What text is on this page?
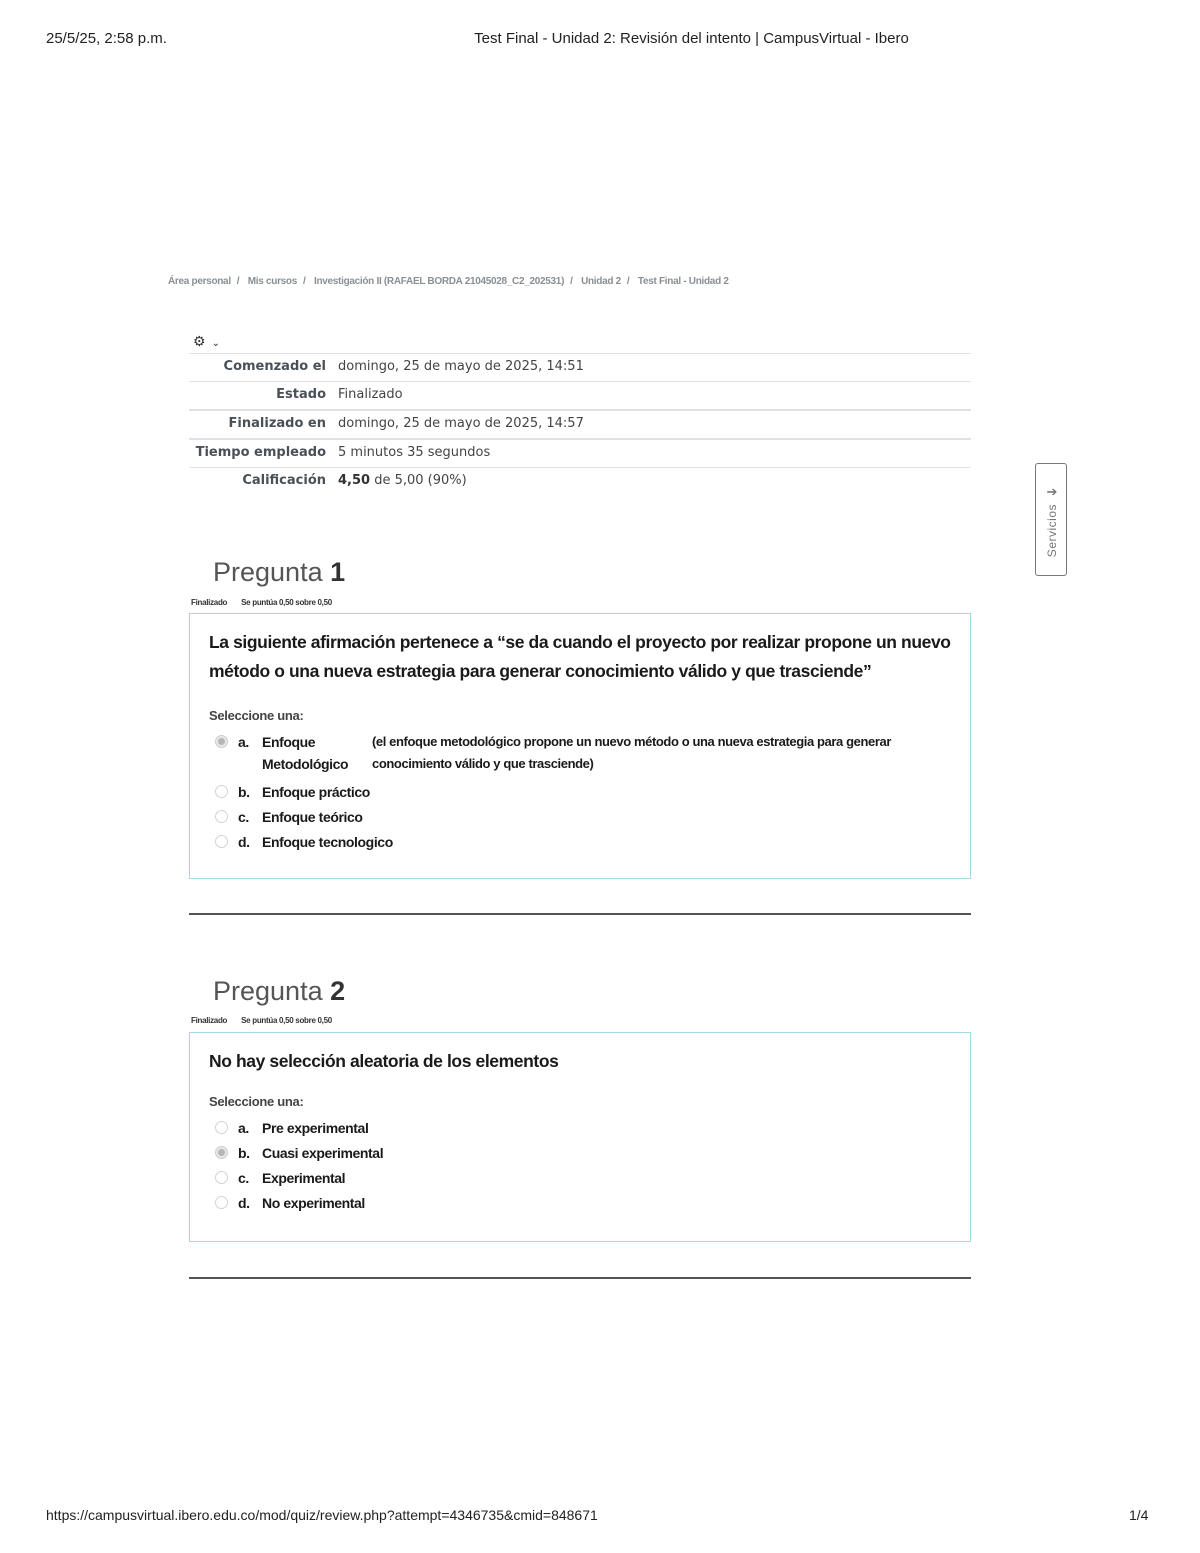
25/5/25, 2:58 p.m.	Test Final - Unidad 2: Revisión del intento | CampusVirtual - Ibero
Área personal / Mis cursos / Investigación II (RAFAEL BORDA 21045028_C2_202531) / Unidad 2 / Test Final - Unidad 2
⚙ ⌄
Comenzado el	domingo, 25 de mayo de 2025, 14:51
Estado	Finalizado
Finalizado en	domingo, 25 de mayo de 2025, 14:57
Tiempo empleado	5 minutos 35 segundos
Calificación	4,50 de 5,00 (90%)
➔
Servicios
Pregunta 1
Finalizado Se puntúa 0,50 sobre 0,50
La siguiente afirmación pertenece a “se da cuando el proyecto por realizar propone un nuevo método o una nueva estrategia para generar conocimiento válido y que trasciende”
Seleccione una:
a. Enfoque Metodológico
(el enfoque metodológico propone un nuevo método o una nueva estrategia para generar conocimiento válido y que trasciende)
b. Enfoque práctico
c. Enfoque teórico
d. Enfoque tecnologico
Pregunta 2
Finalizado Se puntúa 0,50 sobre 0,50
No hay selección aleatoria de los elementos
Seleccione una:
a. Pre experimental
b. Cuasi experimental
c. Experimental
d. No experimental
https://campusvirtual.ibero.edu.co/mod/quiz/review.php?attempt=4346735&cmid=848671	1/4
